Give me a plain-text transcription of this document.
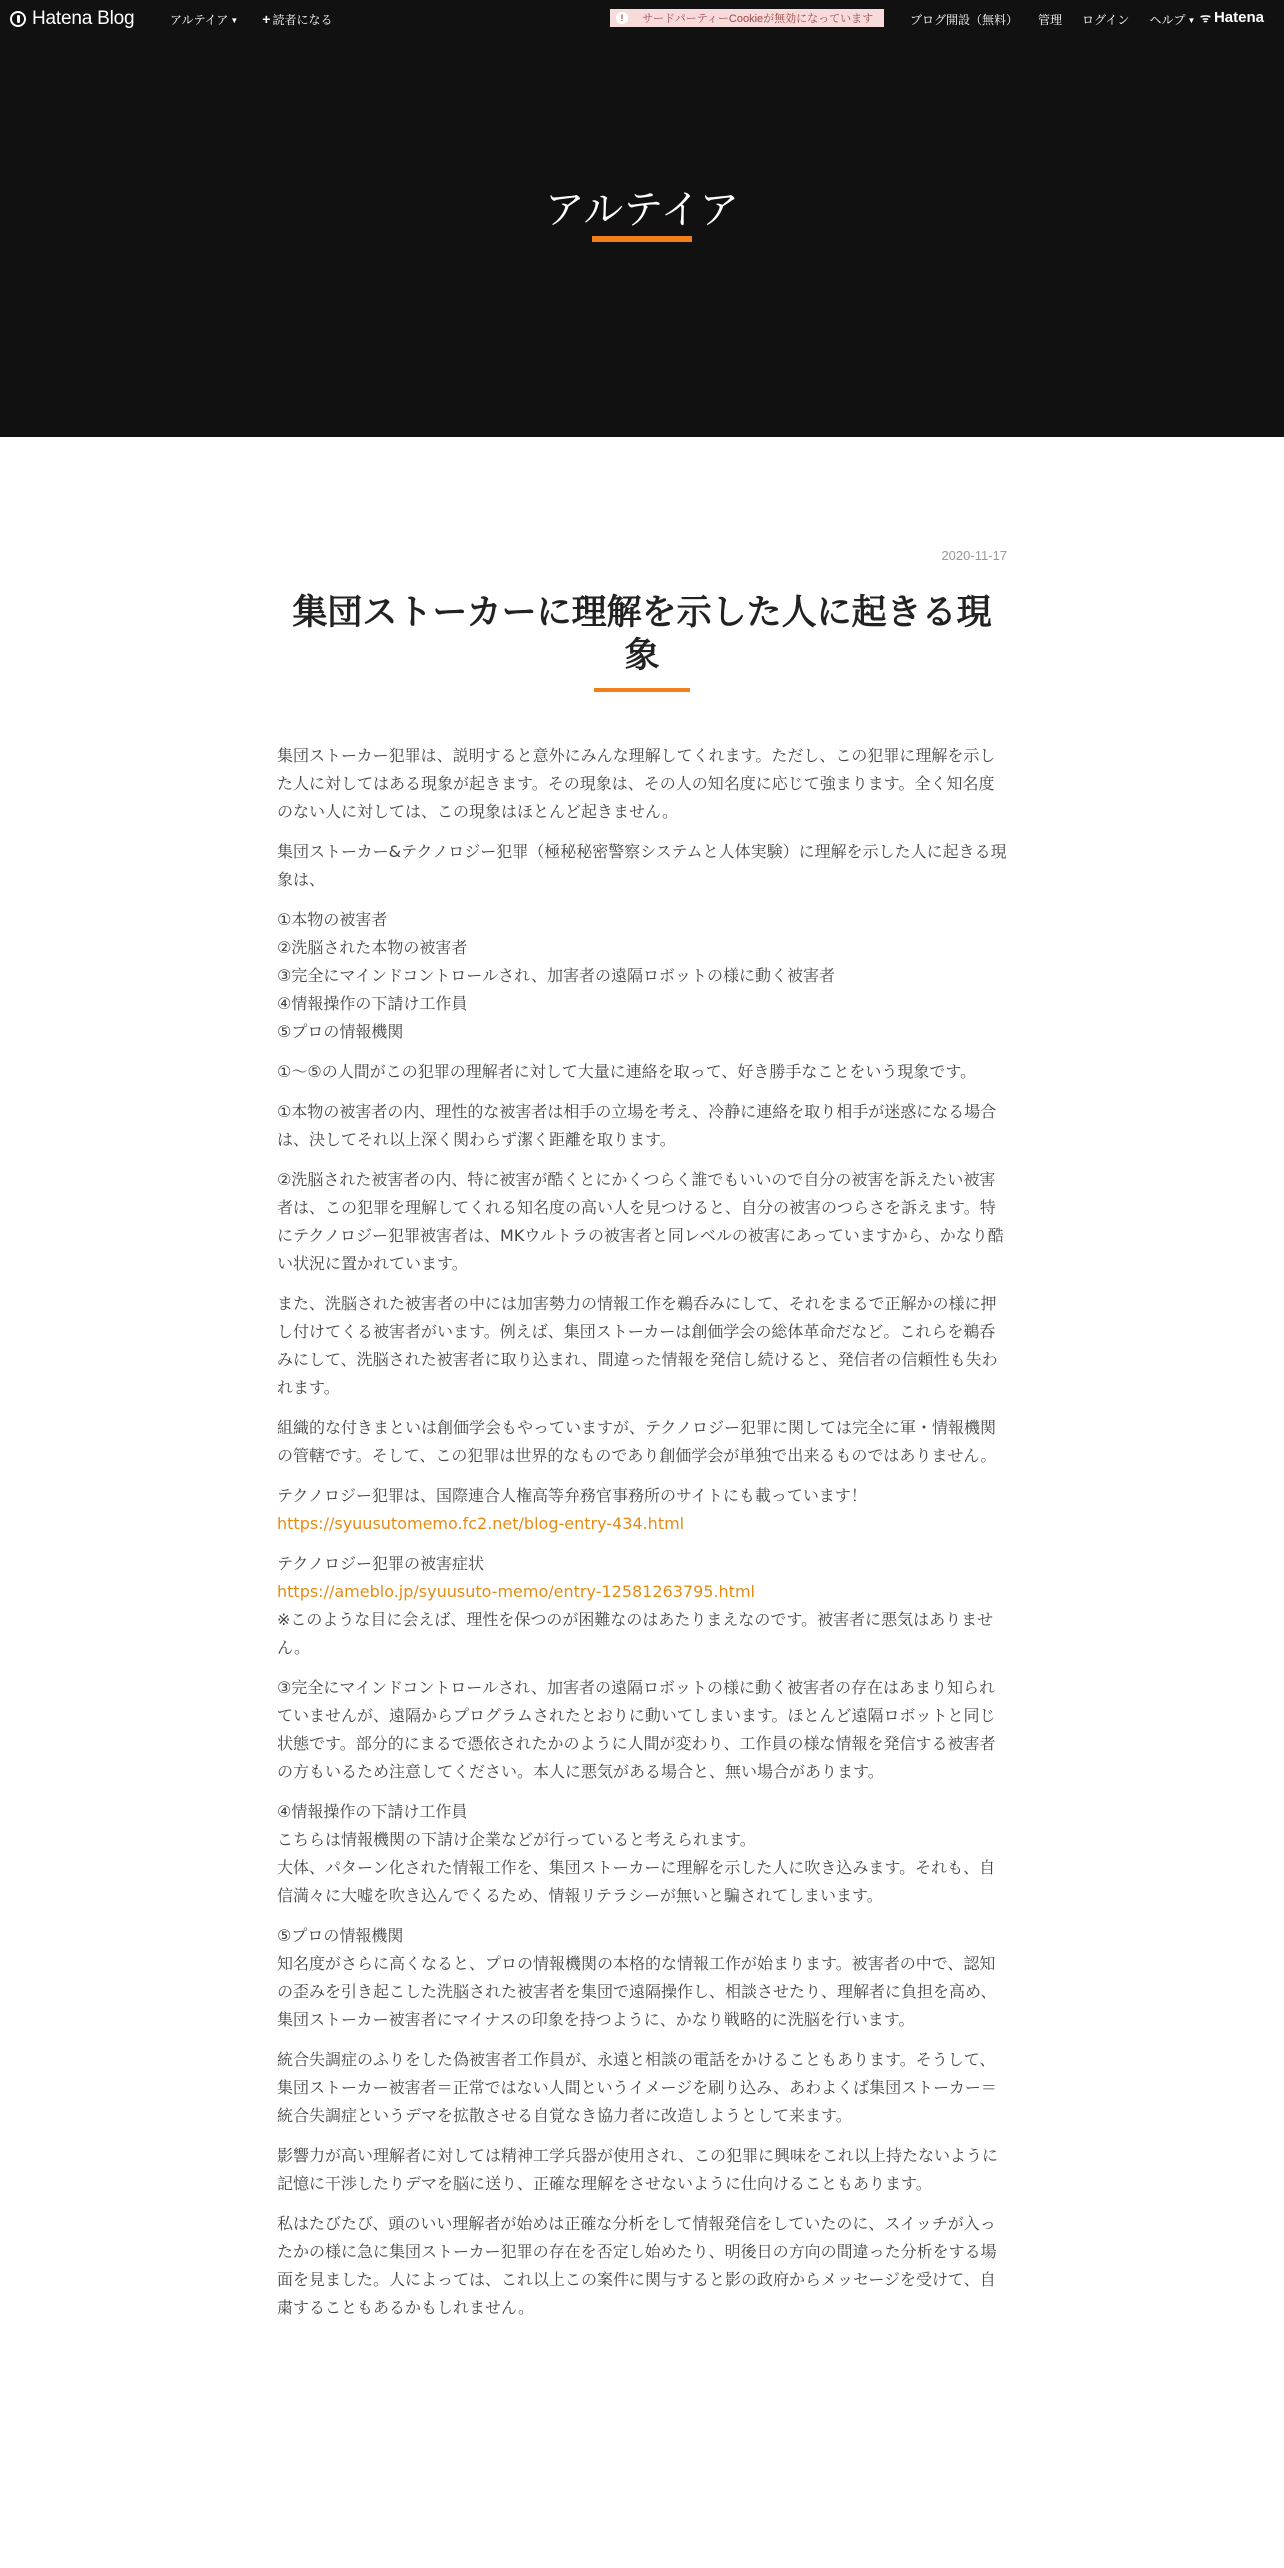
Hatena Blog	アルテイア ▼ + 読者になる	!	サードパーティーCookieが無効になっています	ブログ開設（無料） 管理 ログイン ヘルプ ▼ ᯤ Hatena
アルテイア
2020-11-17
集団ストーカーに理解を示した人に起きる現象

集団ストーカー犯罪は、説明すると意外にみんな理解してくれます。ただし、この犯罪に理解を示した人に対してはある現象が起きます。その現象は、その人の知名度に応じて強まります。全く知名度のない人に対しては、この現象はほとんど起きません。

集団ストーカー&テクノロジー犯罪（極秘秘密警察システムと人体実験）に理解を示した人に起きる現象は、

①本物の被害者
②洗脳された本物の被害者
③完全にマインドコントロールされ、加害者の遠隔ロボットの様に動く被害者
④情報操作の下請け工作員
⑤プロの情報機関

①～⑤の人間がこの犯罪の理解者に対して大量に連絡を取って、好き勝手なことをいう現象です。

①本物の被害者の内、理性的な被害者は相手の立場を考え、冷静に連絡を取り相手が迷惑になる場合は、決してそれ以上深く関わらず潔く距離を取ります。

②洗脳された被害者の内、特に被害が酷くとにかくつらく誰でもいいので自分の被害を訴えたい被害者は、この犯罪を理解してくれる知名度の高い人を見つけると、自分の被害のつらさを訴えます。特にテクノロジー犯罪被害者は、MKウルトラの被害者と同レベルの被害にあっていますから、かなり酷い状況に置かれています。

また、洗脳された被害者の中には加害勢力の情報工作を鵜呑みにして、それをまるで正解かの様に押し付けてくる被害者がいます。例えば、集団ストーカーは創価学会の総体革命だなど。これらを鵜呑みにして、洗脳された被害者に取り込まれ、間違った情報を発信し続けると、発信者の信頼性も失われます。

組織的な付きまといは創価学会もやっていますが、テクノロジー犯罪に関しては完全に軍・情報機関の管轄です。そして、この犯罪は世界的なものであり創価学会が単独で出来るものではありません。

テクノロジー犯罪は、国際連合人権高等弁務官事務所のサイトにも載っています！
https://syuusutomemo.fc2.net/blog-entry-434.html

テクノロジー犯罪の被害症状
https://ameblo.jp/syuusuto-memo/entry-12581263795.html
※このような目に会えば、理性を保つのが困難なのはあたりまえなのです。被害者に悪気はありません。

③完全にマインドコントロールされ、加害者の遠隔ロボットの様に動く被害者の存在はあまり知られていませんが、遠隔からプログラムされたとおりに動いてしまいます。ほとんど遠隔ロボットと同じ状態です。部分的にまるで憑依されたかのように人間が変わり、工作員の様な情報を発信する被害者の方もいるため注意してください。本人に悪気がある場合と、無い場合があります。

④情報操作の下請け工作員
こちらは情報機関の下請け企業などが行っていると考えられます。
大体、パターン化された情報工作を、集団ストーカーに理解を示した人に吹き込みます。それも、自信満々に大嘘を吹き込んでくるため、情報リテラシーが無いと騙されてしまいます。

⑤プロの情報機関
知名度がさらに高くなると、プロの情報機関の本格的な情報工作が始まります。被害者の中で、認知の歪みを引き起こした洗脳された被害者を集団で遠隔操作し、相談させたり、理解者に負担を高め、集団ストーカー被害者にマイナスの印象を持つように、かなり戦略的に洗脳を行います。

統合失調症のふりをした偽被害者工作員が、永遠と相談の電話をかけることもあります。そうして、集団ストーカー被害者＝正常ではない人間というイメージを刷り込み、あわよくば集団ストーカー＝統合失調症というデマを拡散させる自覚なき協力者に改造しようとして来ます。

影響力が高い理解者に対しては精神工学兵器が使用され、この犯罪に興味をこれ以上持たないように記憶に干渉したりデマを脳に送り、正確な理解をさせないように仕向けることもあります。

私はたびたび、頭のいい理解者が始めは正確な分析をして情報発信をしていたのに、スイッチが入ったかの様に急に集団ストーカー犯罪の存在を否定し始めたり、明後日の方向の間違った分析をする場面を見ました。人によっては、これ以上この案件に関与すると影の政府からメッセージを受けて、自粛することもあるかもしれません。
